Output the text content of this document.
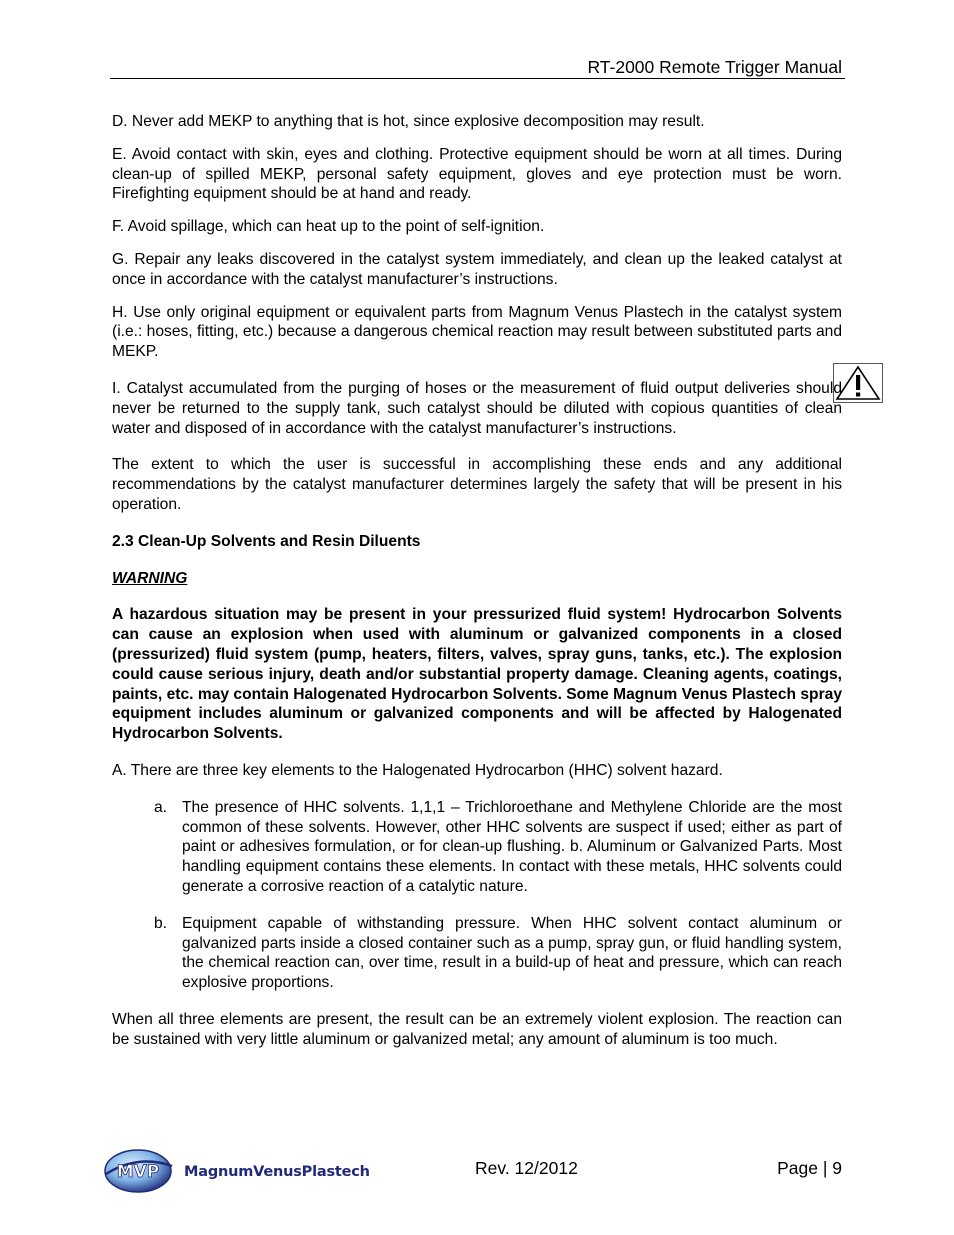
RT-2000 Remote Trigger Manual

D. Never add MEKP to anything that is hot, since explosive decomposition may result.

E. Avoid contact with skin, eyes and clothing. Protective equipment should be worn at all times. During clean-up of spilled MEKP, personal safety equipment, gloves and eye protection must be worn. Firefighting equipment should be at hand and ready.

F. Avoid spillage, which can heat up to the point of self-ignition.

G. Repair any leaks discovered in the catalyst system immediately, and clean up the leaked catalyst at once in accordance with the catalyst manufacturer’s instructions.

H. Use only original equipment or equivalent parts from Magnum Venus Plastech in the catalyst system (i.e.: hoses, fitting, etc.) because a dangerous chemical reaction may result between substituted parts and MEKP.

I. Catalyst accumulated from the purging of hoses or the measurement of fluid output deliveries should never be returned to the supply tank, such catalyst should be diluted with copious quantities of clean water and disposed of in accordance with the catalyst manufacturer’s instructions.

The extent to which the user is successful in accomplishing these ends and any additional recommendations by the catalyst manufacturer determines largely the safety that will be present in his operation.

2.3 Clean-Up Solvents and Resin Diluents
WARNING
A hazardous situation may be present in your pressurized fluid system! Hydrocarbon Solvents can cause an explosion when used with aluminum or galvanized components in a closed (pressurized) fluid system (pump, heaters, filters, valves, spray guns, tanks, etc.). The explosion could cause serious injury, death and/or substantial property damage. Cleaning agents, coatings, paints, etc. may contain Halogenated Hydrocarbon Solvents. Some Magnum Venus Plastech spray equipment includes aluminum or galvanized components and will be affected by Halogenated Hydrocarbon Solvents.

A. There are three key elements to the Halogenated Hydrocarbon (HHC) solvent hazard.

a. The presence of HHC solvents. 1,1,1 – Trichloroethane and Methylene Chloride are the most common of these solvents. However, other HHC solvents are suspect if used; either as part of paint or adhesives formulation, or for clean-up flushing. b. Aluminum or Galvanized Parts. Most handling equipment contains these elements. In contact with these metals, HHC solvents could generate a corrosive reaction of a catalytic nature.
b. Equipment capable of withstanding pressure. When HHC solvent contact aluminum or galvanized parts inside a closed container such as a pump, spray gun, or fluid handling system, the chemical reaction can, over time, result in a build-up of heat and pressure, which can reach explosive proportions.

When all three elements are present, the result can be an extremely violent explosion. The reaction can be sustained with very little aluminum or galvanized metal; any amount of aluminum is too much.

MVP MagnumVenusPlastech	Rev. 12/2012	Page | 9
